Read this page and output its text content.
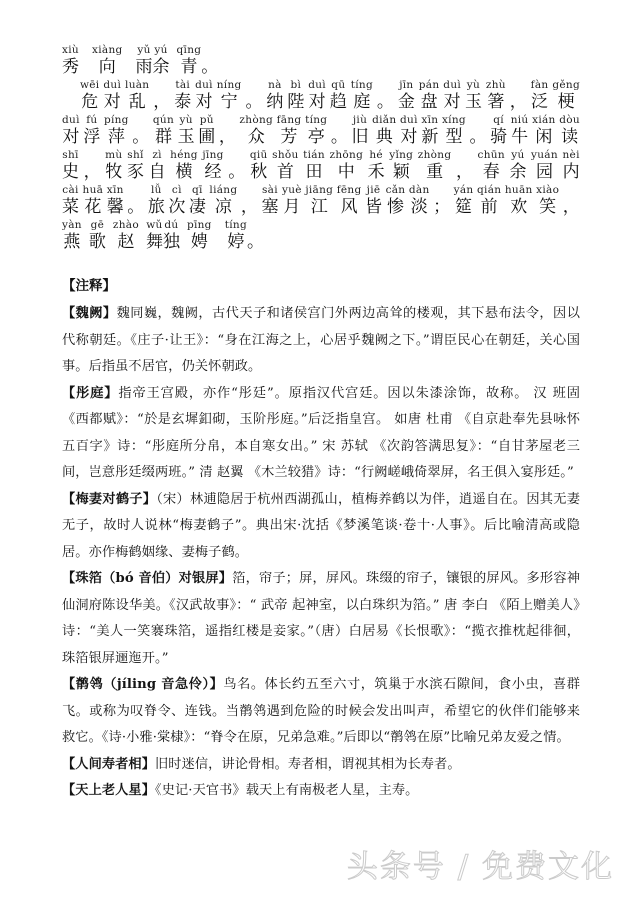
xiù
秀
xiàng
向
yǔ
雨
yú
余
qīng
青 。
wēi
危
duì
对
luàn
乱 ，
tài
泰
duì
对
níng
宁 。
nà
纳
bì
陛
duì
对
qū
趋
tíng
庭 。
jīn
金
pán
盘
duì
对
yù
玉
zhù
箸 ，
fàn
泛
gěng
梗
duì
对
fú
浮
píng
萍 。
qún
群
yù
玉
pǔ
圃 ，
zhòng
众
fāng
芳
tíng
亭 。
jiù
旧
diǎn
典
duì
对
xīn
新
xíng
型 。
qí
骑
niú
牛
xián
闲
dòu
读
shī
史 ，
mù
牧
shǐ
豕
zì
自
héng
横
jīng
经 。
qiū
秋
shǒu
首
tián
田
zhōng
中
hé
禾
yǐng
颖
zhòng
重 ，
chūn
春
yú
余
yuán
园
nèi
内
cài
菜
huā
花
xīn
馨 。
lǚ
旅
cì
次
qī
凄
liáng
凉 ，
sài
塞
yuè
月
jiāng
江
fēng
风
jiē
皆
cǎn
惨
dàn
淡 ；
yán
筵
qián
前
huān
欢
xiào
笑 ，
yàn
燕
gē
歌
zhào
赵
wǔ
舞
dú
独
pīng
娉
tíng
婷 。
【注释】

【魏阙】魏同巍，魏阙，古代天子和诸侯宫门外两边高耸的楼观，其下悬布法令，因以代称朝廷。《庄子·让王》：“身在江海之上，心居乎魏阙之下。”谓臣民心在朝廷，关心国事。后指虽不居官，仍关怀朝政。

【彤庭】指帝王宫殿，亦作“彤廷”。原指汉代宫廷。因以朱漆涂饰，故称。 汉 班固 《西都赋》：“於是玄墀釦砌，玉阶彤庭。”后泛指皇宫。 如唐 杜甫 《自京赴奉先县咏怀五百字》诗：“彤庭所分帛，本自寒女出。” 宋 苏轼 《次韵答满思复》：“自甘茅屋老三间，岂意彤廷缀两班。” 清 赵翼 《木兰较猎》诗：“行阙嵯峨倚翠屏，名王俱入宴彤廷。”

【梅妻对鹤子】（宋）林逋隐居于杭州西湖孤山，植梅养鹤以为伴，逍遥自在。因其无妻无子，故时人说林“梅妻鹤子”。典出宋·沈括《梦溪笔谈·卷十·人事》。后比喻清高或隐居。亦作梅鹤姻缘、妻梅子鹤。

【珠箔（bó 音伯）对银屏】箔，帘子；屏，屏风。珠缀的帘子，镶银的屏风。多形容神仙洞府陈设华美。《汉武故事》：“ 武帝 起神室，以白珠织为箔。” 唐 李白 《陌上赠美人》诗：“美人一笑褰珠箔，遥指红楼是妾家。”（唐）白居易《长恨歌》：“揽衣推枕起徘徊，珠箔银屏逦迤开。”

【鹡鸰（jíling 音急伶）】鸟名。体长约五至六寸，筑巢于水滨石隙间，食小虫，喜群飞。或称为叹脊令、连钱。当鹡鸰遇到危险的时候会发出叫声，希望它的伙伴们能够来救它。《诗·小雅·棠棣》：“脊令在原，兄弟急难。”后即以“鹡鸰在原”比喻兄弟友爱之情。

【人间寿者相】旧时迷信，讲论骨相。寿者相，谓视其相为长寿者。

【天上老人星】《史记·天官书》载天上有南极老人星，主寿。

头条号 / 免费文化
